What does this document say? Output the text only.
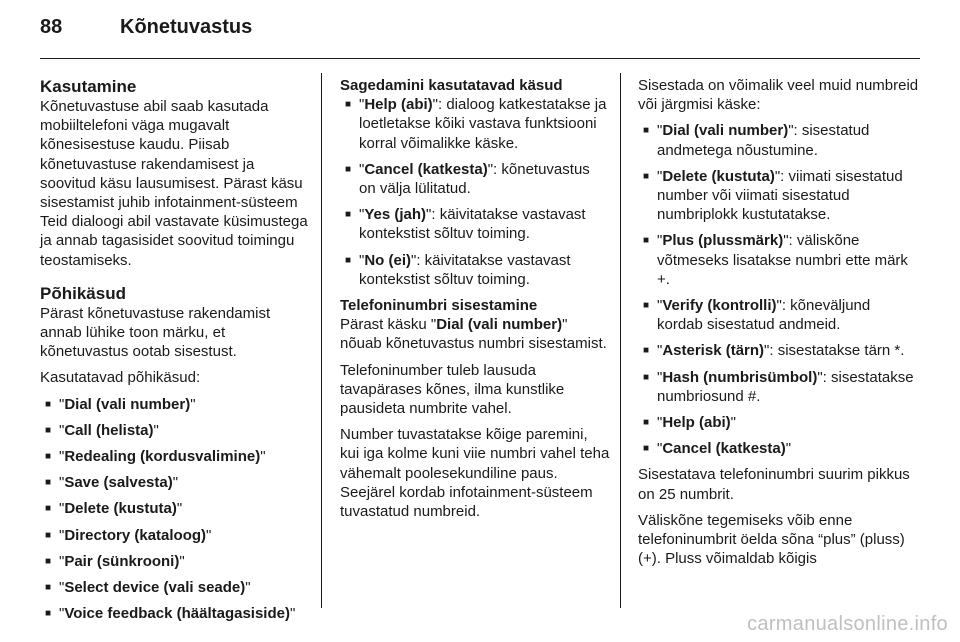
88	Kõnetuvastus
Kasutamine

Kõnetuvastuse abil saab kasutada mobiiltelefoni väga mugavalt kõnesisestuse kaudu. Piisab kõnetuvastuse rakendamisest ja soovitud käsu lausumisest. Pärast käsu sisestamist juhib infotainment-süsteem Teid dialoogi abil vastavate küsimustega ja annab tagasisidet soovitud toimingu teostamiseks.

Põhikäsud

Pärast kõnetuvastuse rakendamist annab lühike toon märku, et kõnetuvastus ootab sisestust.

Kasutatavad põhikäsud:

■ "Dial (vali number)"
■ "Call (helista)"
■ "Redealing (kordusvalimine)"
■ "Save (salvesta)"
■ "Delete (kustuta)"
■ "Directory (kataloog)"
■ "Pair (sünkrooni)"
■ "Select device (vali seade)"
■ "Voice feedback (häältagasiside)"
Sagedamini kasutatavad käsud
■ "Help (abi)": dialoog katkestatakse ja loetletakse kõiki vastava funktsiooni korral võimalikke käske.
■ "Cancel (katkesta)": kõnetuvastus on välja lülitatud.
■ "Yes (jah)": käivitatakse vastavast kontekstist sõltuv toiming.
■ "No (ei)": käivitatakse vastavast kontekstist sõltuv toiming.
Telefoninumbri sisestamine

Pärast käsku "Dial (vali number)" nõuab kõnetuvastus numbri sisestamist.

Telefoninumber tuleb lausuda tavapärases kõnes, ilma kunstlike pausideta numbrite vahel.

Number tuvastatakse kõige paremini, kui iga kolme kuni viie numbri vahel teha vähemalt poolesekundiline paus. Seejärel kordab infotainment-süsteem tuvastatud numbreid.

Sisestada on võimalik veel muid numbreid või järgmisi käske:

■ "Dial (vali number)": sisestatud andmetega nõustumine.
■ "Delete (kustuta)": viimati sisestatud number või viimati sisestatud numbriplokk kustutatakse.
■ "Plus (plussmärk)": väliskõne võtmeseks lisatakse numbri ette märk +.
■ "Verify (kontrolli)": kõneväljund kordab sisestatud andmeid.
■ "Asterisk (tärn)": sisestatakse tärn *.
■ "Hash (numbrisümbol)": sisestatakse numbriosund #.
■ "Help (abi)"
■ "Cancel (katkesta)"

Sisestatava telefoninumbri suurim pikkus on 25 numbrit.

Väliskõne tegemiseks võib enne telefoninumbrit öelda sõna “plus” (pluss) (+). Pluss võimaldab kõigis

carmanualsonline.info
